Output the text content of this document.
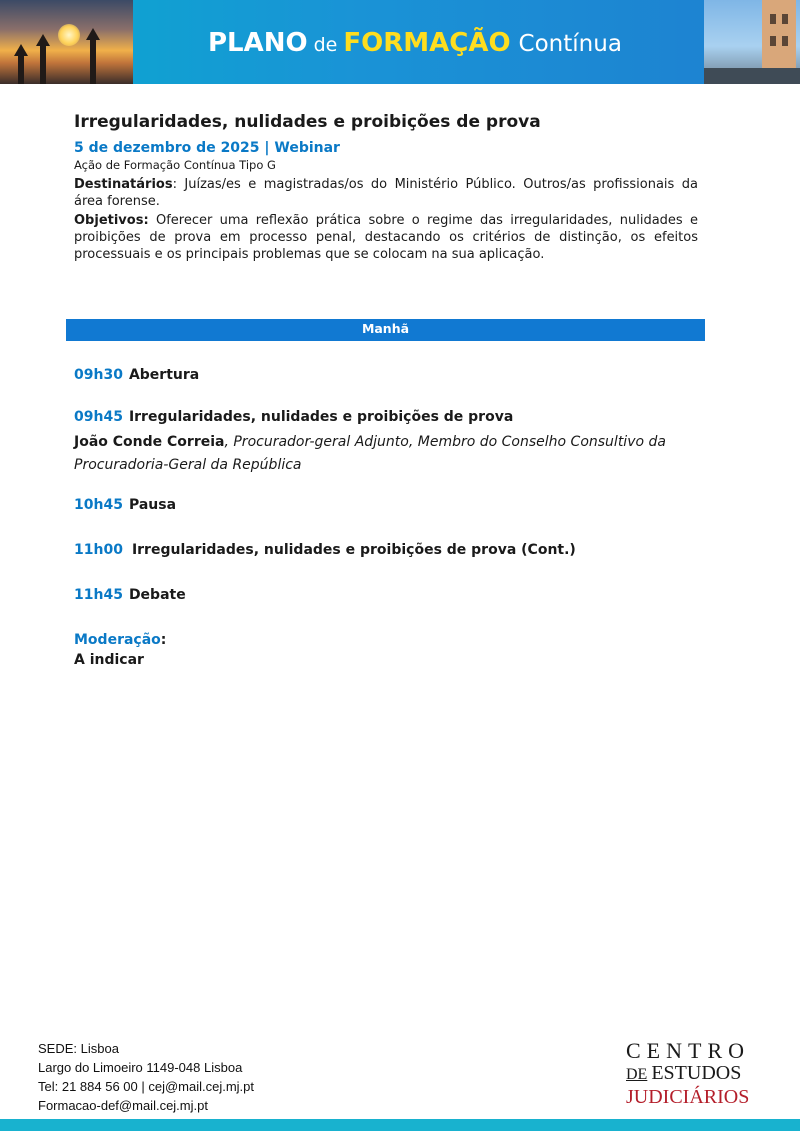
PLANO de FORMAÇÃO Contínua

Irregularidades, nulidades e proibições de prova

5 de dezembro de 2025 | Webinar

Ação de Formação Contínua Tipo G

Destinatários: Juízas/es e magistradas/os do Ministério Público. Outros/as profissionais da área forense.

Objetivos: Oferecer uma reflexão prática sobre o regime das irregularidades, nulidades e proibições de prova em processo penal, destacando os critérios de distinção, os efeitos processuais e os principais problemas que se colocam na sua aplicação.

Manhã
09h30 Abertura
09h45 Irregularidades, nulidades e proibições de prova
João Conde Correia, Procurador-geral Adjunto, Membro do Conselho Consultivo da Procuradoria-Geral da República
10h45 Pausa
11h00 Irregularidades, nulidades e proibições de prova (Cont.)
11h45 Debate
Moderação:
A indicar
SEDE: Lisboa
Largo do Limoeiro 1149-048 Lisboa
Tel: 21 884 56 00 | cej@mail.cej.mj.pt
Formacao-def@mail.cej.mj.pt
CENTRO
DE ESTUDOS
JUDICIÁRIOS
